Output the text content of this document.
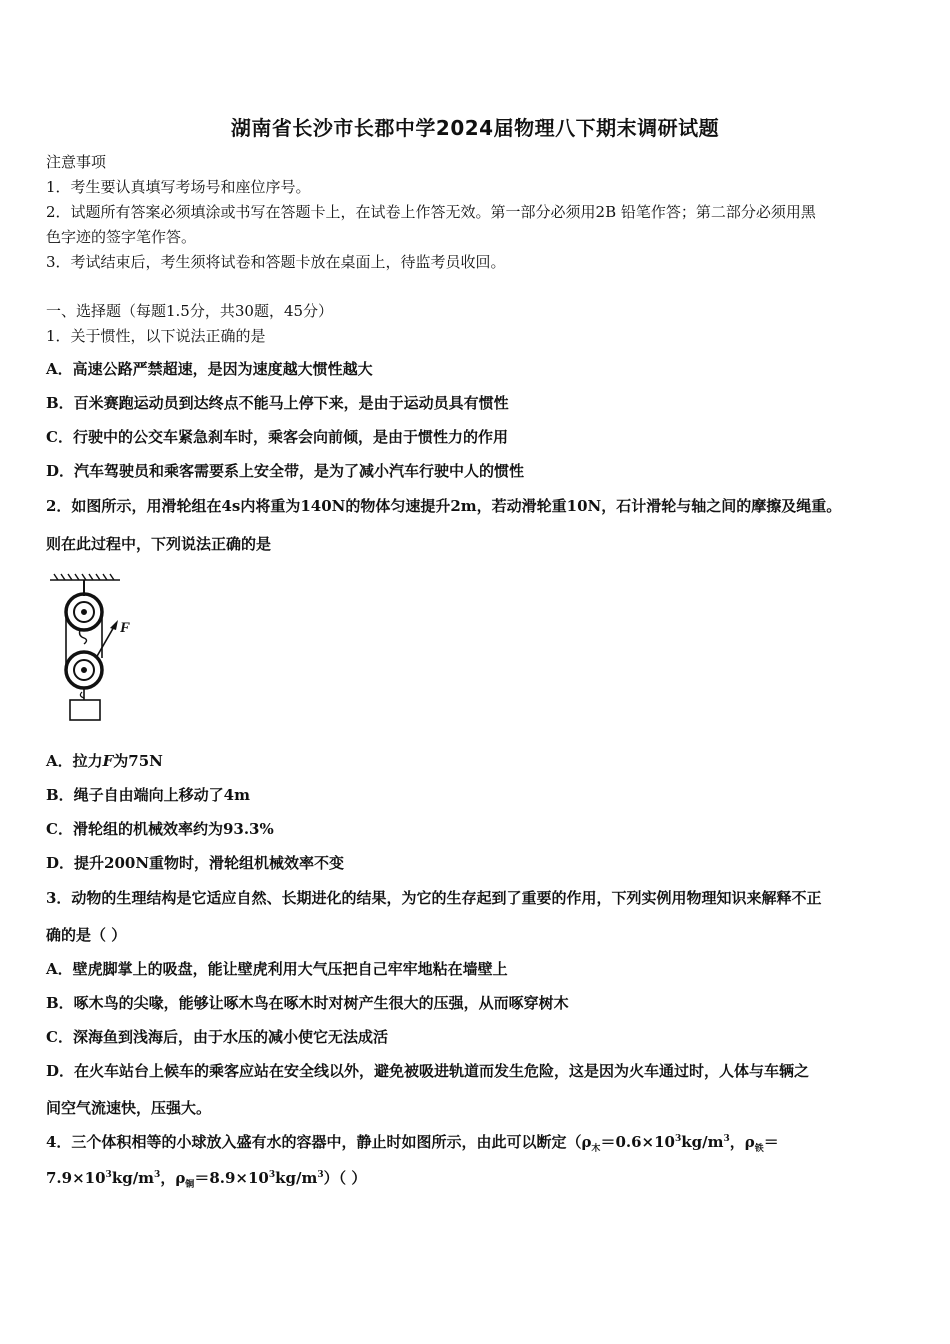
湖南省长沙市长郡中学2024届物理八下期末调研试题
注意事项
1．考生要认真填写考场号和座位序号。
2．试题所有答案必须填涂或书写在答题卡上，在试卷上作答无效。第一部分必须用2B 铅笔作答；第二部分必须用黑
色字迹的签字笔作答。
3．考试结束后，考生须将试卷和答题卡放在桌面上，待监考员收回。
一、选择题（每题1.5分，共30题，45分）
1．关于惯性，以下说法正确的是
A．高速公路严禁超速，是因为速度越大惯性越大
B．百米赛跑运动员到达终点不能马上停下来，是由于运动员具有惯性
C．行驶中的公交车紧急刹车时，乘客会向前倾，是由于惯性力的作用
D．汽车驾驶员和乘客需要系上安全带，是为了减小汽车行驶中人的惯性
2．如图所示，用滑轮组在4s内将重为140N的物体匀速提升2m，若动滑轮重10N，石计滑轮与轴之间的摩擦及绳重。
则在此过程中，下列说法正确的是
F
A．拉力F为75N
B．绳子自由端向上移动了4m
C．滑轮组的机械效率约为93.3%
D．提升200N重物时，滑轮组机械效率不变
3．动物的生理结构是它适应自然、长期进化的结果，为它的生存起到了重要的作用，下列实例用物理知识来解释不正
确的是（ ）
A．壁虎脚掌上的吸盘，能让壁虎利用大气压把自己牢牢地粘在墙壁上
B．啄木鸟的尖喙，能够让啄木鸟在啄木时对树产生很大的压强，从而啄穿树木
C．深海鱼到浅海后，由于水压的减小使它无法成活
D．在火车站台上候车的乘客应站在安全线以外，避免被吸进轨道而发生危险，这是因为火车通过时，人体与车辆之
间空气流速快，压强大。
4．三个体积相等的小球放入盛有水的容器中，静止时如图所示，由此可以断定（$\rho_木=0.6\times 10^3kg/m^3$，$\rho_铁=$
$7.9\times 10^3kg/m^3$，$\rho_铜=8.9\times 10^3kg/m^3$）（ ）
